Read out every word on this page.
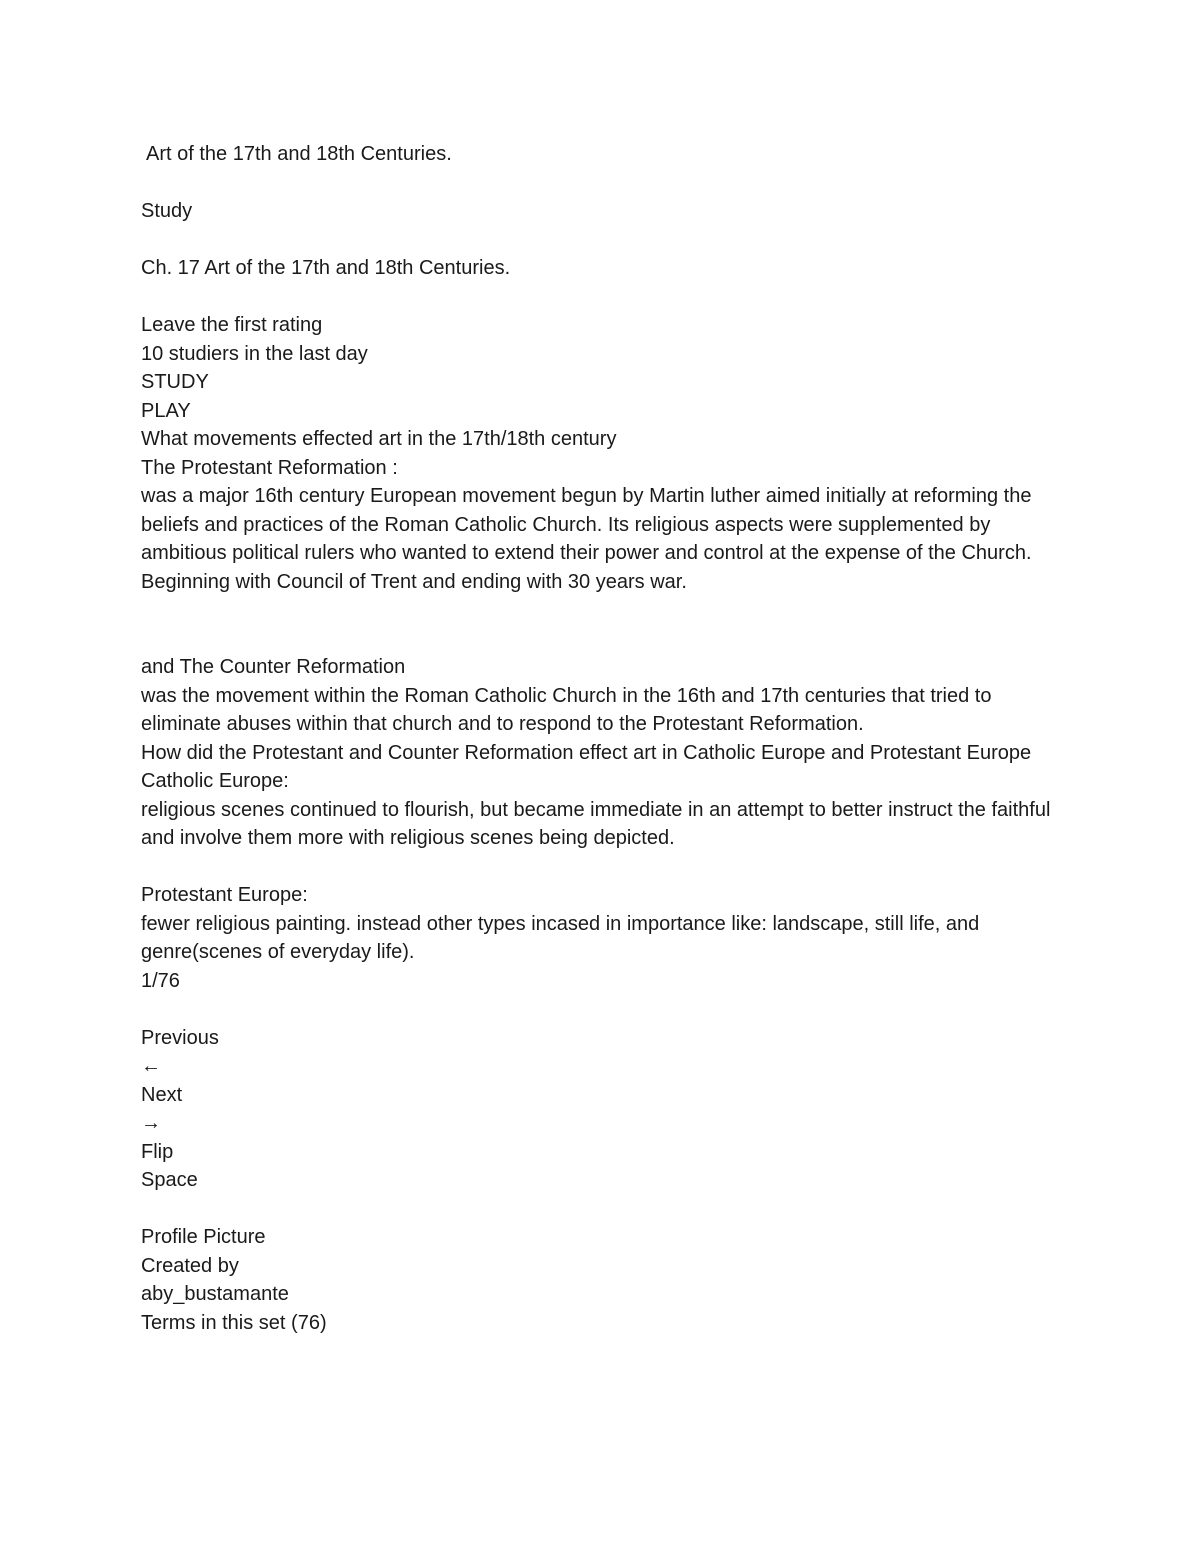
Art of the 17th and 18th Centuries.
Study
Ch. 17 Art of the 17th and 18th Centuries.
Leave the first rating
10 studiers in the last day
STUDY
PLAY
What movements effected art in the 17th/18th century
The Protestant Reformation :
was a major 16th century European movement begun by Martin luther aimed initially at reforming the beliefs and practices of the Roman Catholic Church. Its religious aspects were supplemented by ambitious political rulers who wanted to extend their power and control at the expense of the Church. Beginning with Council of Trent and ending with 30 years war.
and The Counter Reformation
was the movement within the Roman Catholic Church in the 16th and 17th centuries that tried to eliminate abuses within that church and to respond to the Protestant Reformation.
How did the Protestant and Counter Reformation effect art in Catholic Europe and Protestant Europe
Catholic Europe:
religious scenes continued to flourish, but became immediate in an attempt to better instruct the faithful and involve them more with religious scenes being depicted.
Protestant Europe:
fewer religious painting. instead other types incased in importance like: landscape, still life, and genre(scenes of everyday life).
1/76
Previous
←
Next
→
Flip
Space
Profile Picture
Created by
aby_bustamante
Terms in this set (76)
